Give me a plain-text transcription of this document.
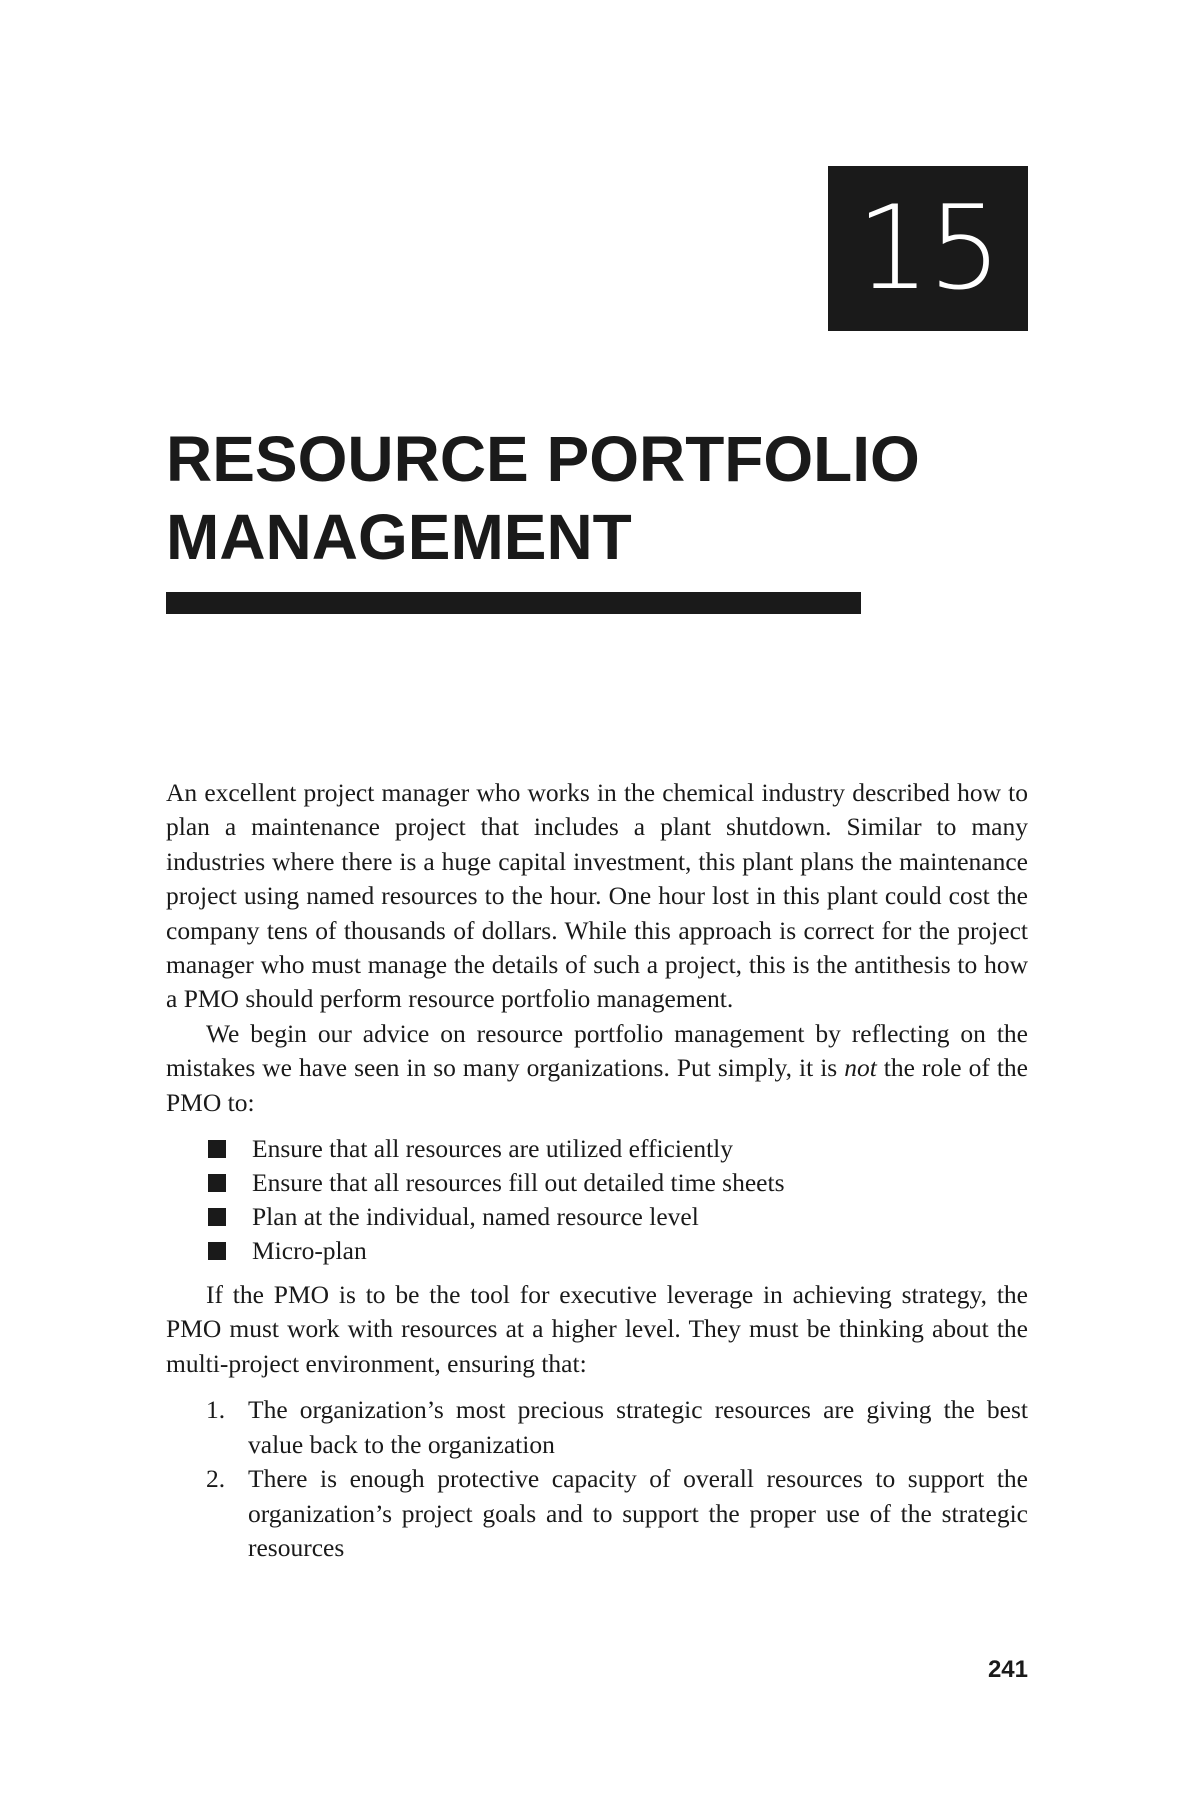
15
RESOURCE PORTFOLIO
MANAGEMENT

An excellent project manager who works in the chemical industry described how to plan a maintenance project that includes a plant shutdown. Similar to many industries where there is a huge capital investment, this plant plans the maintenance project using named resources to the hour. One hour lost in this plant could cost the company tens of thousands of dollars. While this approach is correct for the project manager who must manage the details of such a project, this is the antithesis to how a PMO should perform resource portfolio management.

We begin our advice on resource portfolio management by reflecting on the mistakes we have seen in so many organizations. Put simply, it is not the role of the PMO to:

Ensure that all resources are utilized efficiently
Ensure that all resources fill out detailed time sheets
Plan at the individual, named resource level
Micro-plan

If the PMO is to be the tool for executive leverage in achieving strategy, the PMO must work with resources at a higher level. They must be thinking about the multi-project environment, ensuring that:

1. The organization’s most precious strategic resources are giving the best value back to the organization
2. There is enough protective capacity of overall resources to support the organization’s project goals and to support the proper use of the strategic resources
241
